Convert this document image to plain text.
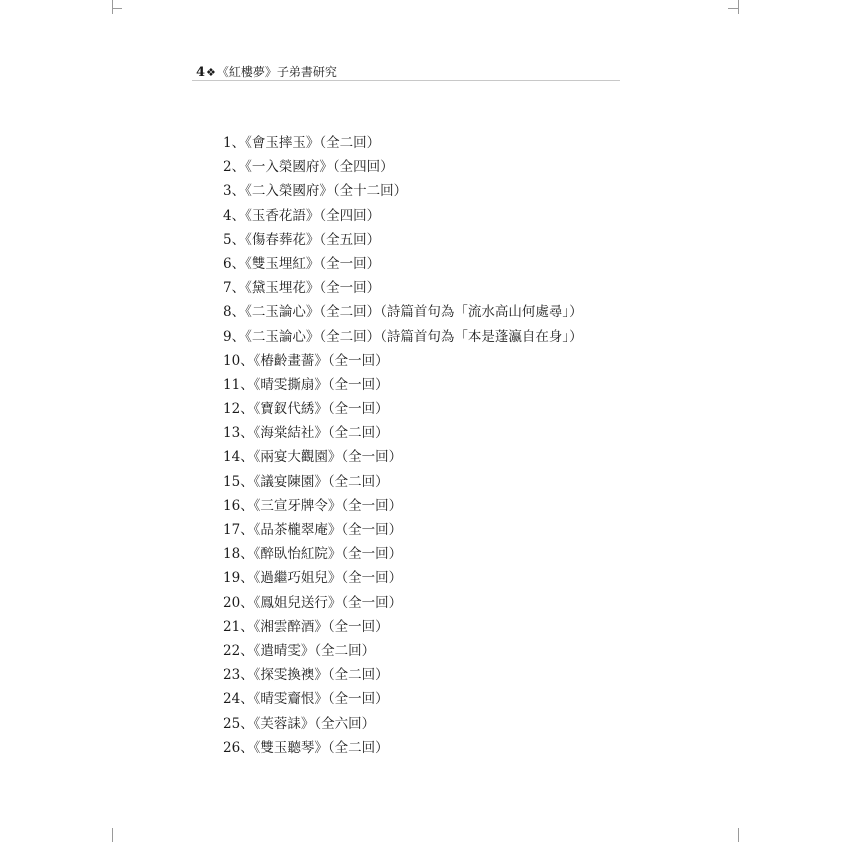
4❖《紅樓夢》子弟書研究
1、《會玉摔玉》（全二回）
2、《一入榮國府》（全四回）
3、《二入榮國府》（全十二回）
4、《玉香花語》（全四回）
5、《傷春葬花》（全五回）
6、《雙玉埋紅》（全一回）
7、《黛玉埋花》（全一回）
8、《二玉論心》（全二回）（詩篇首句為「流水高山何處尋」）
9、《二玉論心》（全二回）（詩篇首句為「本是蓬瀛自在身」）
10、《椿齡畫薔》（全一回）
11、《晴雯撕扇》（全一回）
12、《寶釵代綉》（全一回）
13、《海棠結社》（全二回）
14、《兩宴大觀園》（全一回）
15、《議宴陳園》（全二回）
16、《三宣牙牌令》（全一回）
17、《品茶櫳翠庵》（全一回）
18、《醉臥怡紅院》（全一回）
19、《過繼巧姐兒》（全一回）
20、《鳳姐兒送行》（全一回）
21、《湘雲醉酒》（全一回）
22、《遣晴雯》（全二回）
23、《探雯換襖》（全二回）
24、《晴雯齎恨》（全一回）
25、《芙蓉誄》（全六回）
26、《雙玉聽琴》（全二回）
